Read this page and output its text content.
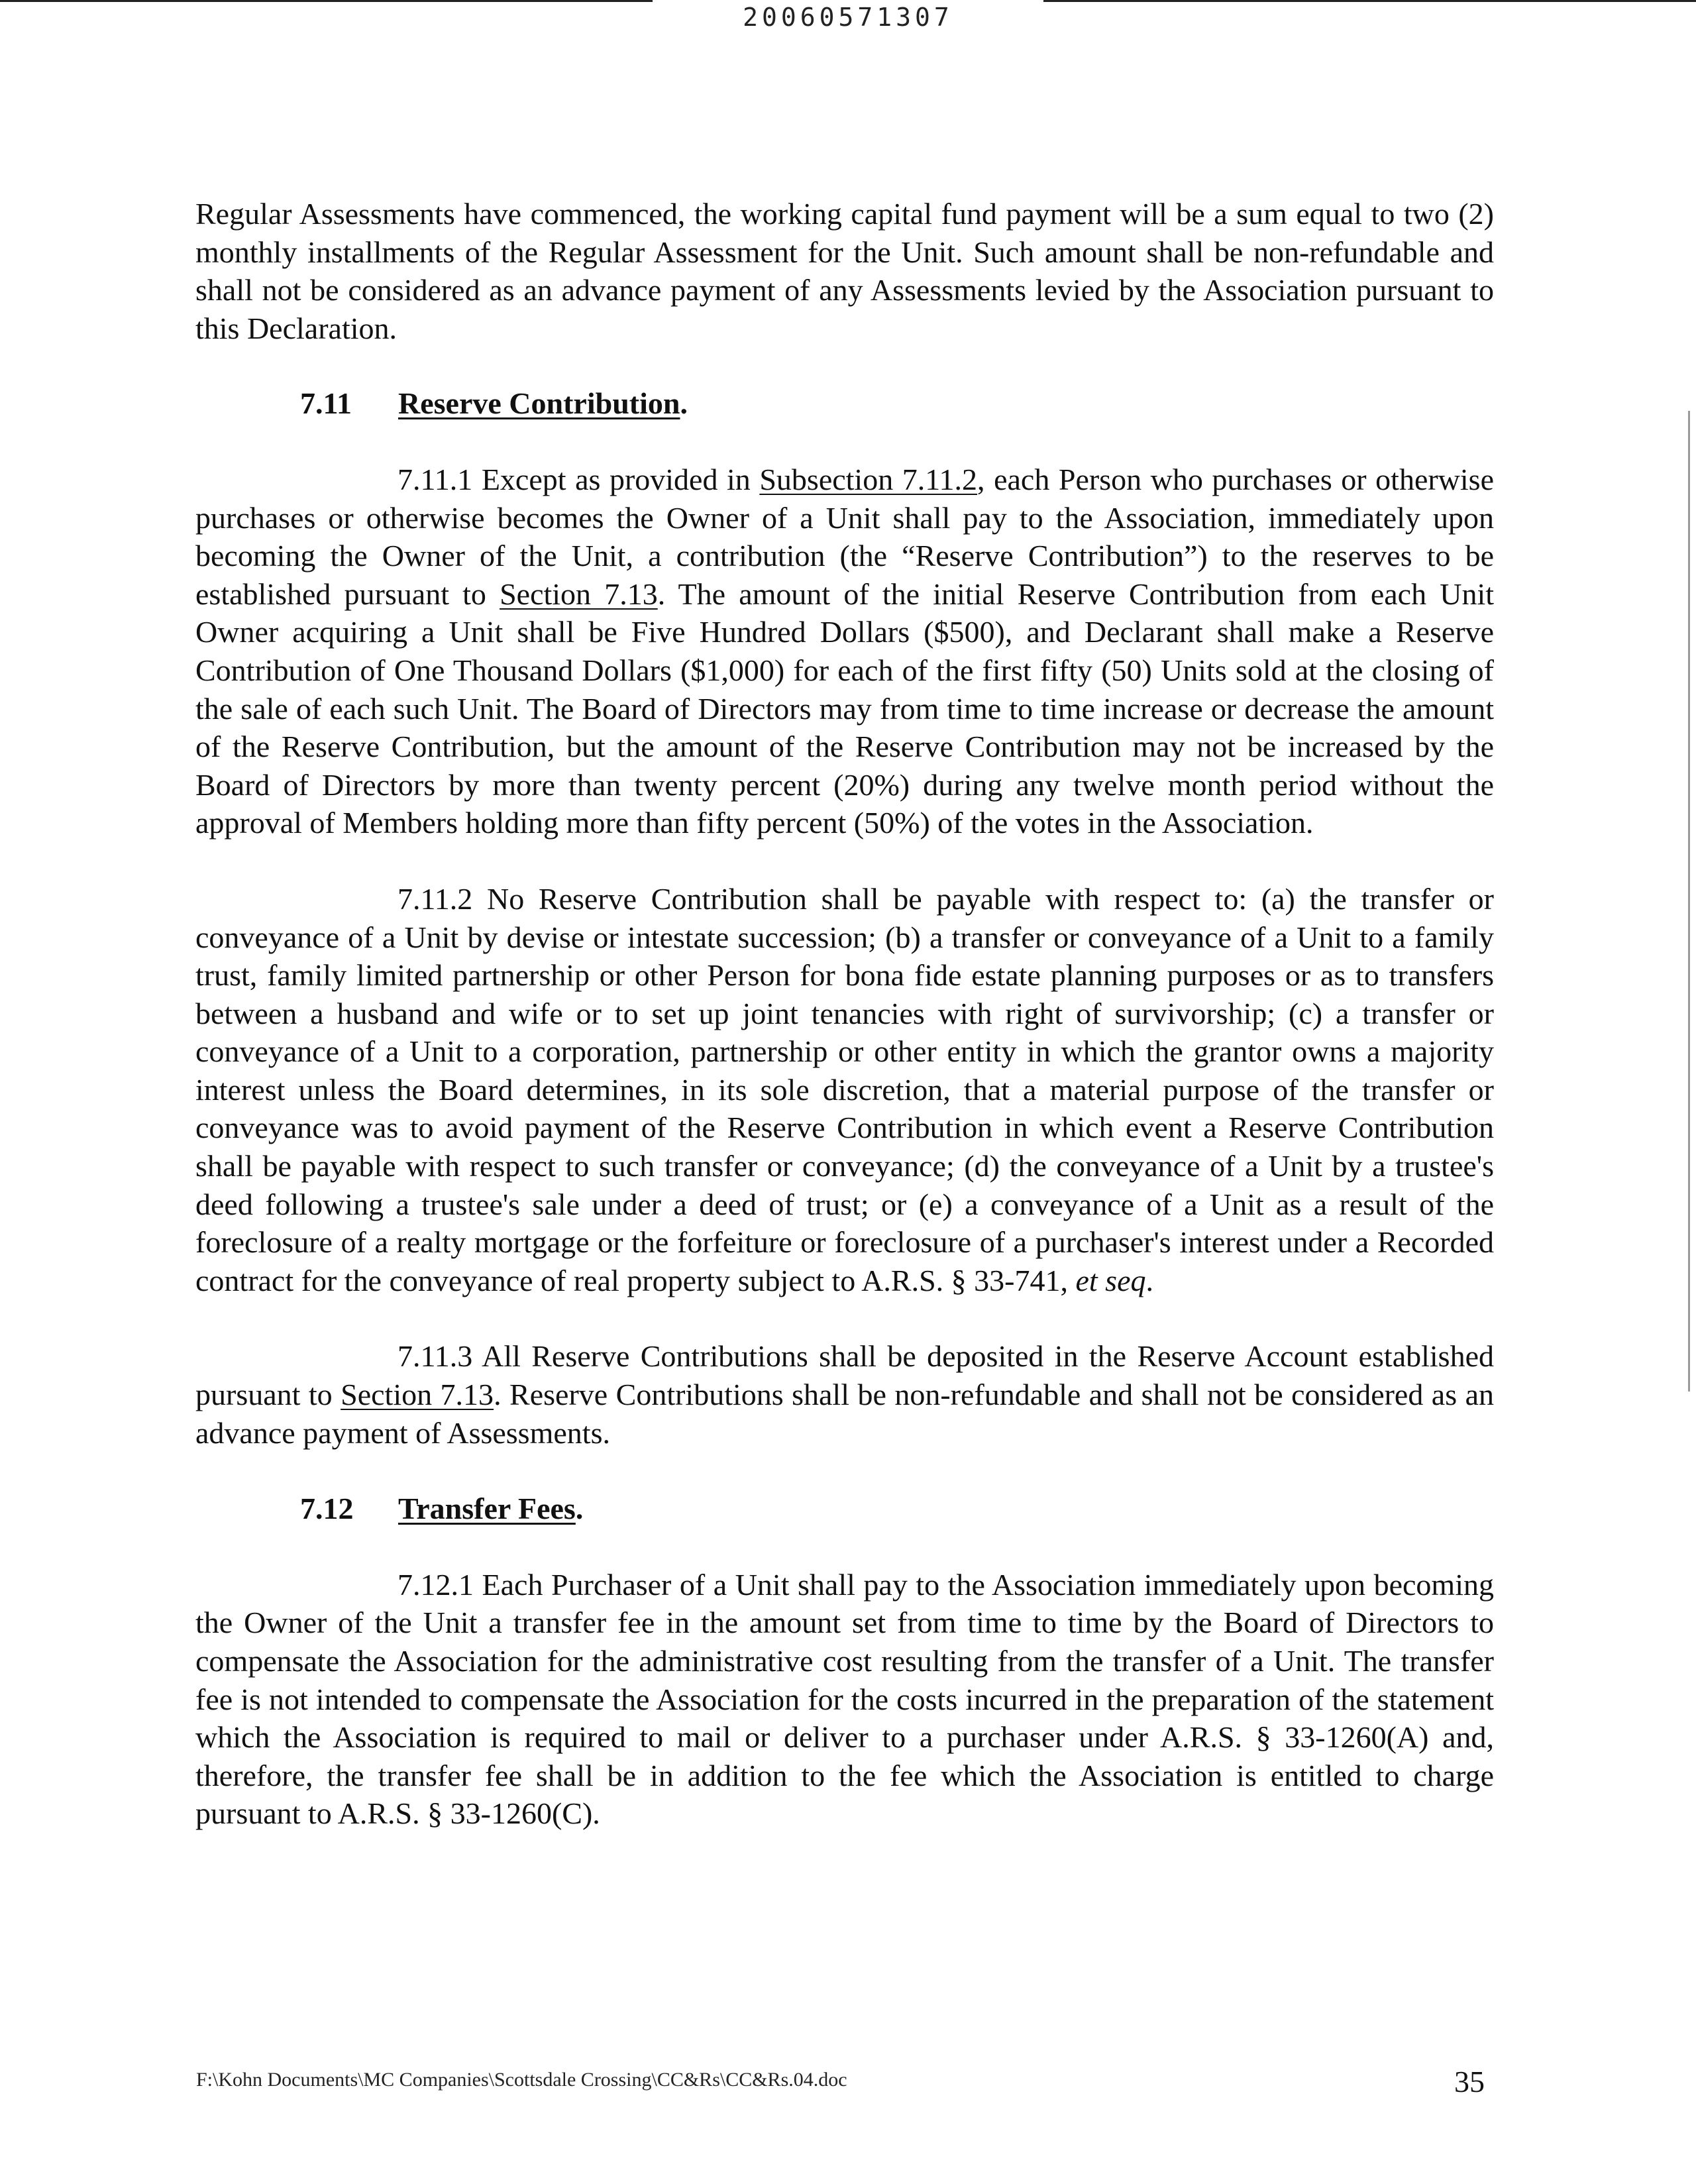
20060571307

Regular Assessments have commenced, the working capital fund payment will be a sum equal to two (2) monthly installments of the Regular Assessment for the Unit. Such amount shall be non-refundable and shall not be considered as an advance payment of any Assessments levied by the Association pursuant to this Declaration.

7.11 Reserve Contribution.

7.11.1 Except as provided in Subsection 7.11.2, each Person who purchases or otherwise purchases or otherwise becomes the Owner of a Unit shall pay to the Association, immediately upon becoming the Owner of the Unit, a contribution (the “Reserve Contribution”) to the reserves to be established pursuant to Section 7.13. The amount of the initial Reserve Contribution from each Unit Owner acquiring a Unit shall be Five Hundred Dollars ($500), and Declarant shall make a Reserve Contribution of One Thousand Dollars ($1,000) for each of the first fifty (50) Units sold at the closing of the sale of each such Unit. The Board of Directors may from time to time increase or decrease the amount of the Reserve Contribution, but the amount of the Reserve Contribution may not be increased by the Board of Directors by more than twenty percent (20%) during any twelve month period without the approval of Members holding more than fifty percent (50%) of the votes in the Association.

7.11.2 No Reserve Contribution shall be payable with respect to: (a) the transfer or conveyance of a Unit by devise or intestate succession; (b) a transfer or conveyance of a Unit to a family trust, family limited partnership or other Person for bona fide estate planning purposes or as to transfers between a husband and wife or to set up joint tenancies with right of survivorship; (c) a transfer or conveyance of a Unit to a corporation, partnership or other entity in which the grantor owns a majority interest unless the Board determines, in its sole discretion, that a material purpose of the transfer or conveyance was to avoid payment of the Reserve Contribution in which event a Reserve Contribution shall be payable with respect to such transfer or conveyance; (d) the conveyance of a Unit by a trustee's deed following a trustee's sale under a deed of trust; or (e) a conveyance of a Unit as a result of the foreclosure of a realty mortgage or the forfeiture or foreclosure of a purchaser's interest under a Recorded contract for the conveyance of real property subject to A.R.S. § 33-741, et seq.

7.11.3 All Reserve Contributions shall be deposited in the Reserve Account established pursuant to Section 7.13. Reserve Contributions shall be non-refundable and shall not be considered as an advance payment of Assessments.

7.12 Transfer Fees.

7.12.1 Each Purchaser of a Unit shall pay to the Association immediately upon becoming the Owner of the Unit a transfer fee in the amount set from time to time by the Board of Directors to compensate the Association for the administrative cost resulting from the transfer of a Unit. The transfer fee is not intended to compensate the Association for the costs incurred in the preparation of the statement which the Association is required to mail or deliver to a purchaser under A.R.S. § 33-1260(A) and, therefore, the transfer fee shall be in addition to the fee which the Association is entitled to charge pursuant to A.R.S. § 33-1260(C).

F:\Kohn Documents\MC Companies\Scottsdale Crossing\CC&Rs\CC&Rs.04.doc	35
